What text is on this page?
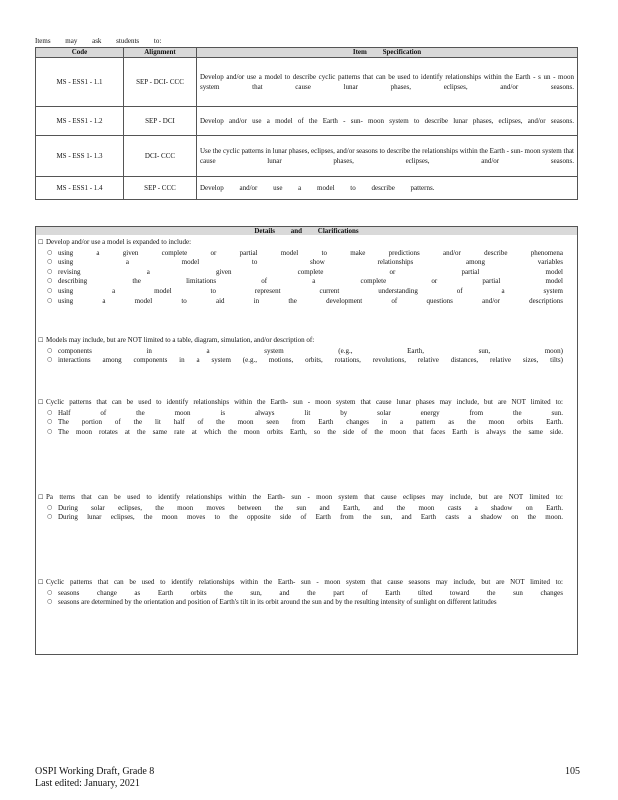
Items may ask students to:
Code	Alignment	Item Specification
MS - ESS1 - 1.1	SEP - DCI- CCC	Develop and/or use a model to describe cyclic patterns that can be used to identify relationships within the Earth - s un - moon system that cause lunar phases, eclipses, and/or seasons.
MS - ESS1 - 1.2	SEP - DCI	Develop and/or use a model of the Earth - sun- moon system to describe lunar phases, eclipses, and/or seasons.
MS - ESS 1- 1.3	DCI- CCC	Use the cyclic patterns in lunar phases, eclipses, and/or seasons to describe the relationships within the Earth - sun- moon system that cause lunar phases, eclipses, and/or seasons.
MS - ESS1 - 1.4	SEP - CCC	Develop and/or use a model to describe patterns.
Details and Clarifications
☐ Develop and/or use a model is expanded to include:
○ using a given complete or partial model to make predictions and/or describe phenomena
○ using a model to show relationships among variables
○ revising a given complete or partial model
○ describing the limitations of a complete or partial model
○ using a model to represent current understanding of a system
○ using a model to aid in the development of questions and/or descriptions
☐ Models may include, but are NOT limited to a table, diagram, simulation, and/or description of:
○ components in a system (e.g., Earth, sun, moon)
○ interactions among components in a system (e.g., motions, orbits, rotations, revolutions, relative distances, relative sizes, tilts)
☐ Cyclic patterns that can be used to identify relationships within the Earth- sun - moon system that cause lunar phases may include, but are NOT limited to:
○ Half of the moon is always lit by solar energy from the sun.
○ The portion of the lit half of the moon seen from Earth changes in a pattern as the moon orbits Earth.
○ The moon rotates at the same rate at which the moon orbits Earth, so the side of the moon that faces Earth is always the same side.
☐ Pa tterns that can be used to identify relationships within the Earth- sun - moon system that cause eclipses may include, but are NOT limited to:
○ During solar eclipses, the moon moves between the sun and Earth, and the moon casts a shadow on Earth.
○ During lunar eclipses, the moon moves to the opposite side of Earth from the sun, and Earth casts a shadow on the moon.
☐ Cyclic patterns that can be used to identify relationships within the Earth- sun - moon system that cause seasons may include, but are NOT limited to:
○ seasons change as Earth orbits the sun, and the part of Earth tilted toward the sun changes
○ seasons are determined by the orientation and position of Earth's tilt in its orbit around the sun and by the resulting intensity of sunlight on different latitudes
OSPI Working Draft, Grade 8
Last edited: January, 2021
105
